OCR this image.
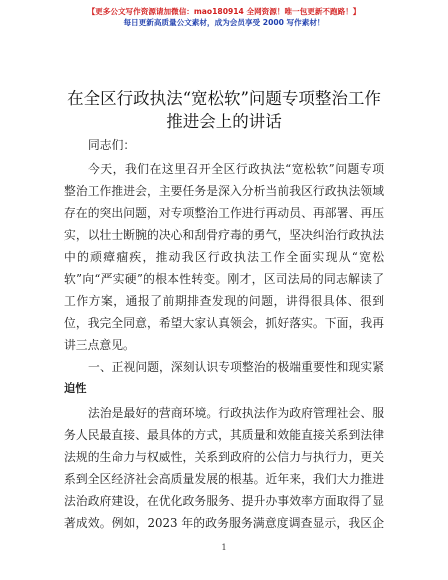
【更多公文写作资源请加微信：mao180914 全网资源！唯一包更新不跑路！】
每日更新高质量公文素材，成为会员享受 2000 写作素材！
在全区行政执法“宽松软”问题专项整治工作
推进会上的讲话
同志们：
今天，我们在这里召开全区行政执法“宽松软”问题专项
整治工作推进会，主要任务是深入分析当前我区行政执法领域
存在的突出问题，对专项整治工作进行再动员、再部署、再压
实，以壮士断腕的决心和刮骨疗毒的勇气，坚决纠治行政执法
中的顽瘴痼疾，推动我区行政执法工作全面实现从“宽松
软”向“严实硬”的根本性转变。刚才，区司法局的同志解读了
工作方案，通报了前期排查发现的问题，讲得很具体、很到
位，我完全同意，希望大家认真领会，抓好落实。下面，我再
讲三点意见。
一、正视问题，深刻认识专项整治的极端重要性和现实紧
迫性
法治是最好的营商环境。行政执法作为政府管理社会、服
务人民最直接、最具体的方式，其质量和效能直接关系到法律
法规的生命力与权威性，关系到政府的公信力与执行力，更关
系到全区经济社会高质量发展的根基。近年来，我们大力推进
法治政府建设，在优化政务服务、提升办事效率方面取得了显
著成效。例如，2023 年的政务服务满意度调查显示，我区企
1
